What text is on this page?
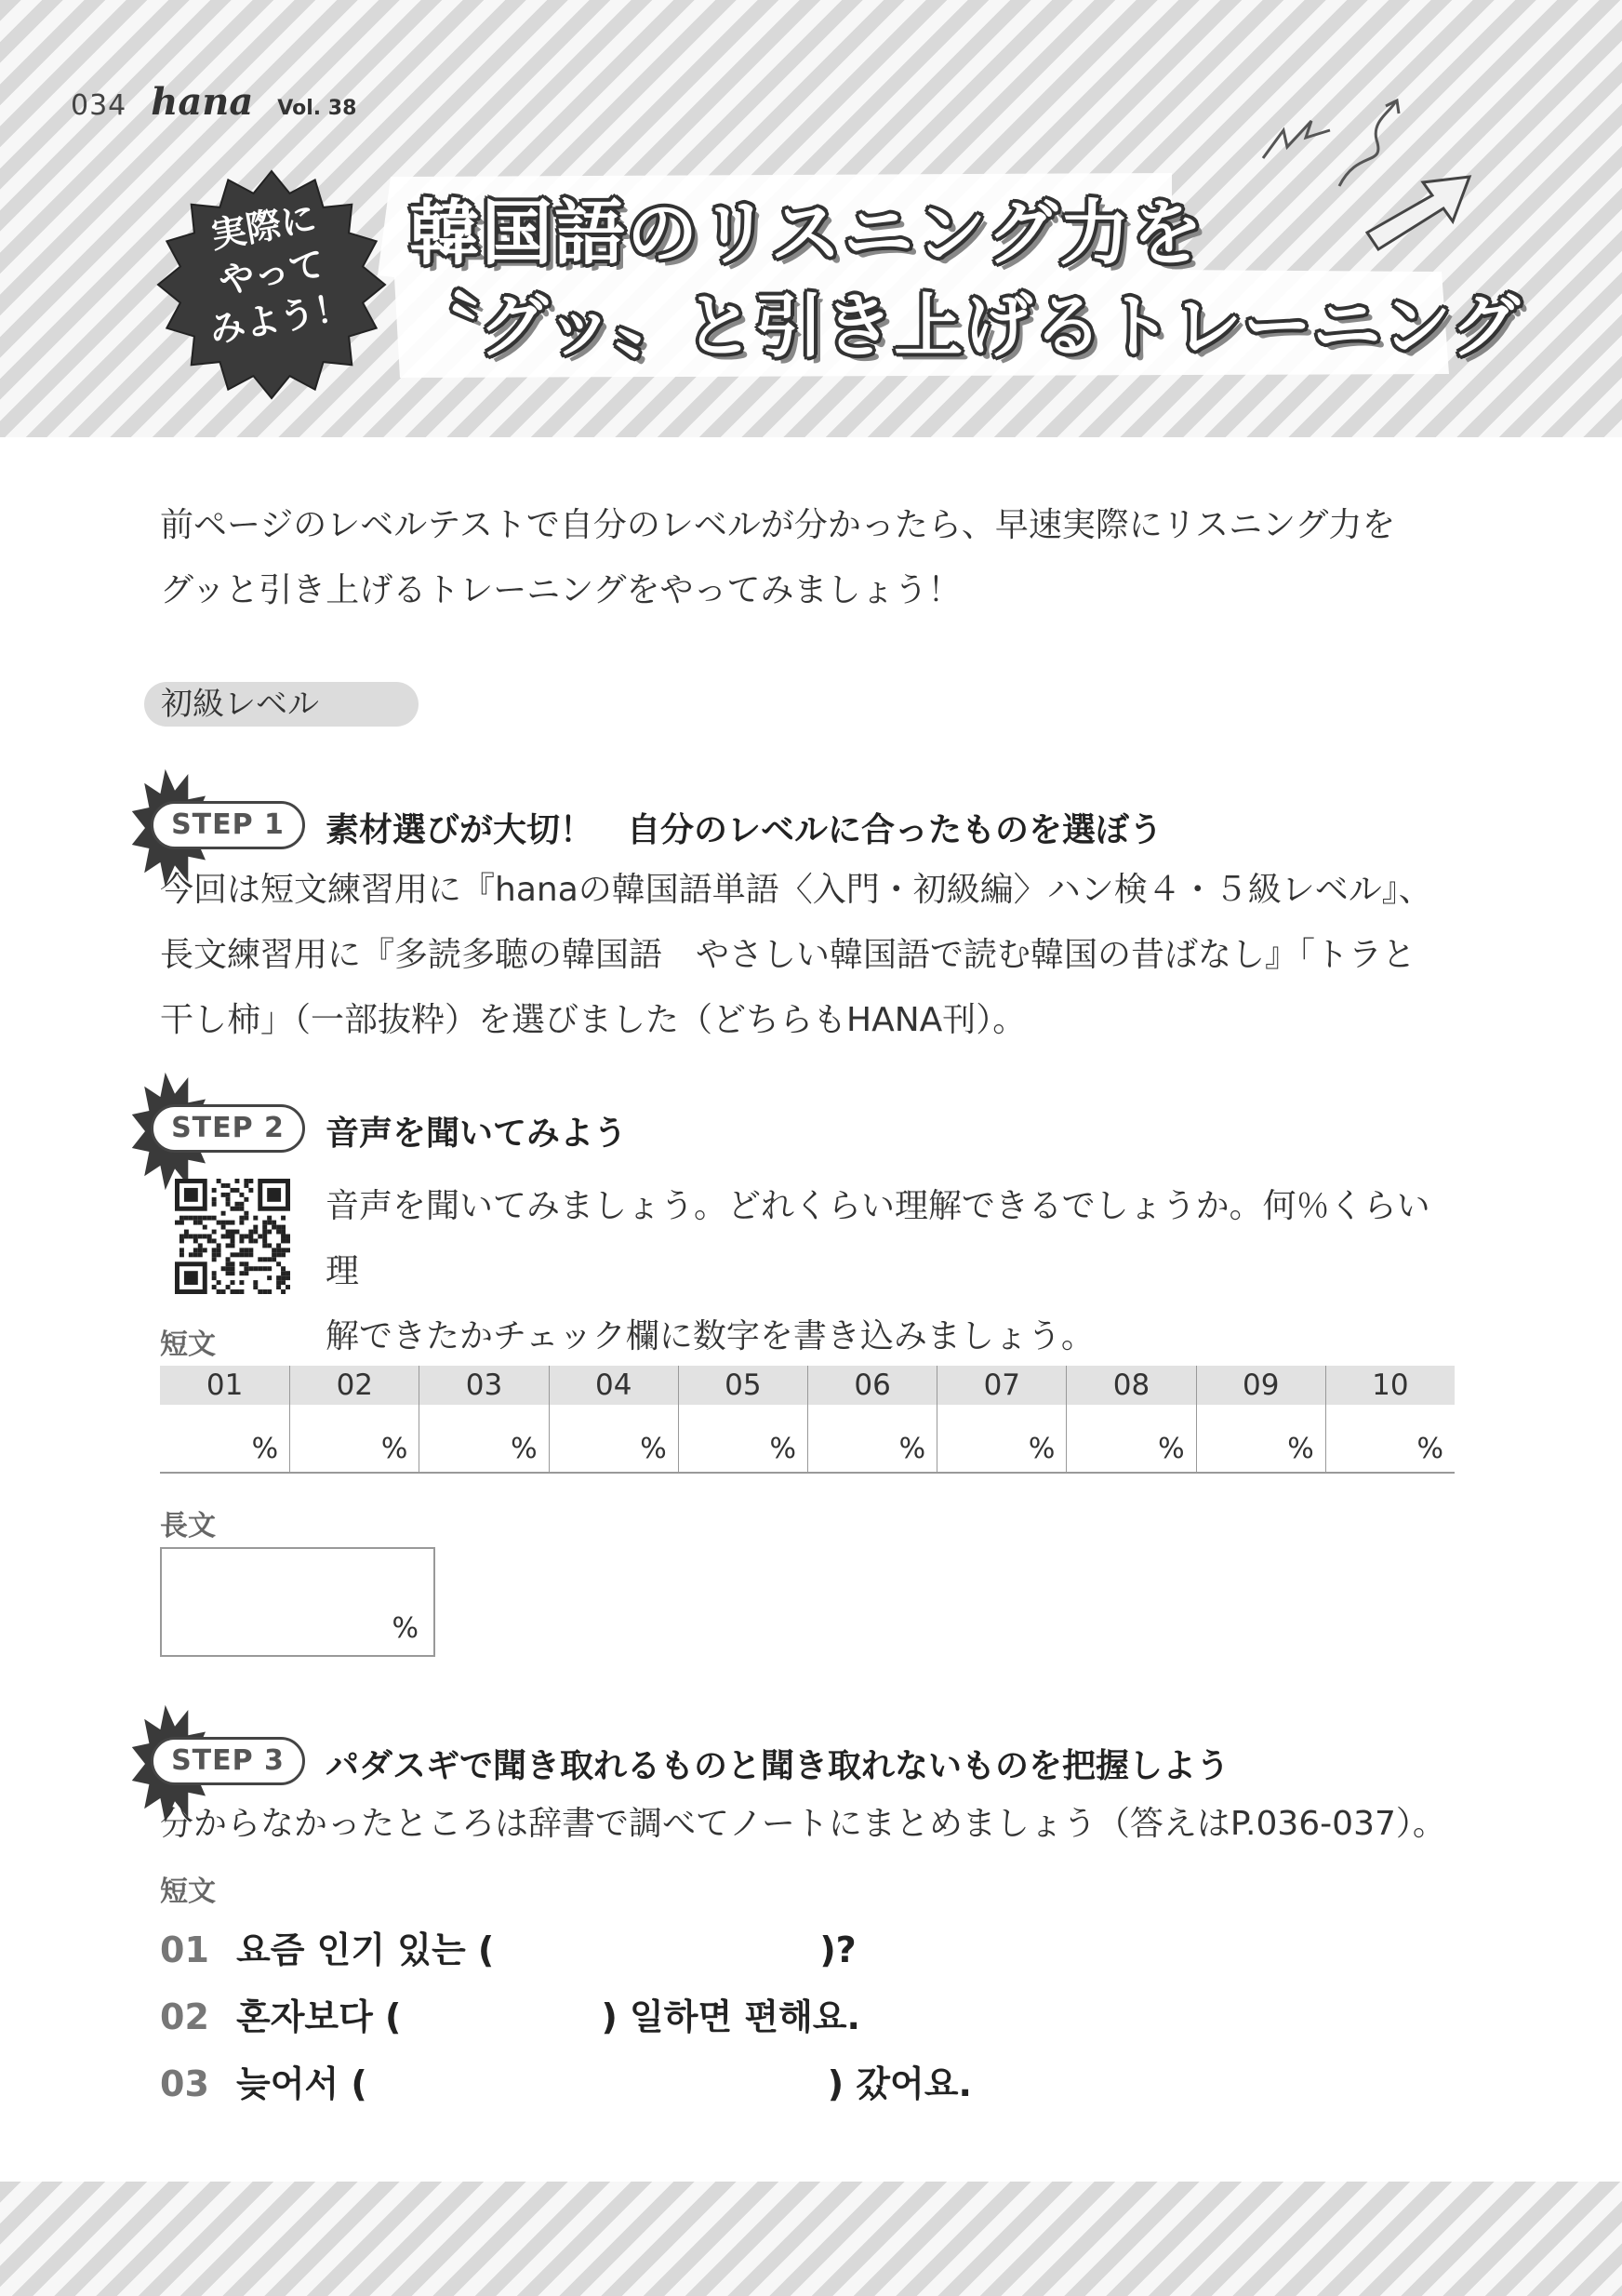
034 hana Vol. 38
実際に
やって
みよう！
韓国語のリスニング力を
〝グッ〟と引き上げるトレーニング
前ページのレベルテストで自分のレベルが分かったら、早速実際にリスニング力を
グッと引き上げるトレーニングをやってみましょう！
初級レベル
STEP 1	素材選びが大切！　自分のレベルに合ったものを選ぼう
今回は短文練習用に『hanaの韓国語単語〈入門・初級編〉ハン検４・５級レベル』、
長文練習用に『多読多聴の韓国語　やさしい韓国語で読む韓国の昔ばなし』「トラと
干し柿」（一部抜粋）を選びました（どちらもHANA刊）。
STEP 2	音声を聞いてみよう
音声を聞いてみましょう。どれくらい理解できるでしょうか。何％くらい理
解できたかチェック欄に数字を書き込みましょう。
短文
01	02	03	04	05	06	07	08	09	10
%	%	%	%	%	%	%	%	%	%
長文
%
STEP 3	パダスギで聞き取れるものと聞き取れないものを把握しよう
分からなかったところは辞書で調べてノートにまとめましょう（答えはP.036-037）。
短文
01 요즘 인기 있는 (	)?
02 혼자보다 (	) 일하면 편해요.
03 늦어서 (	) 갔어요.
